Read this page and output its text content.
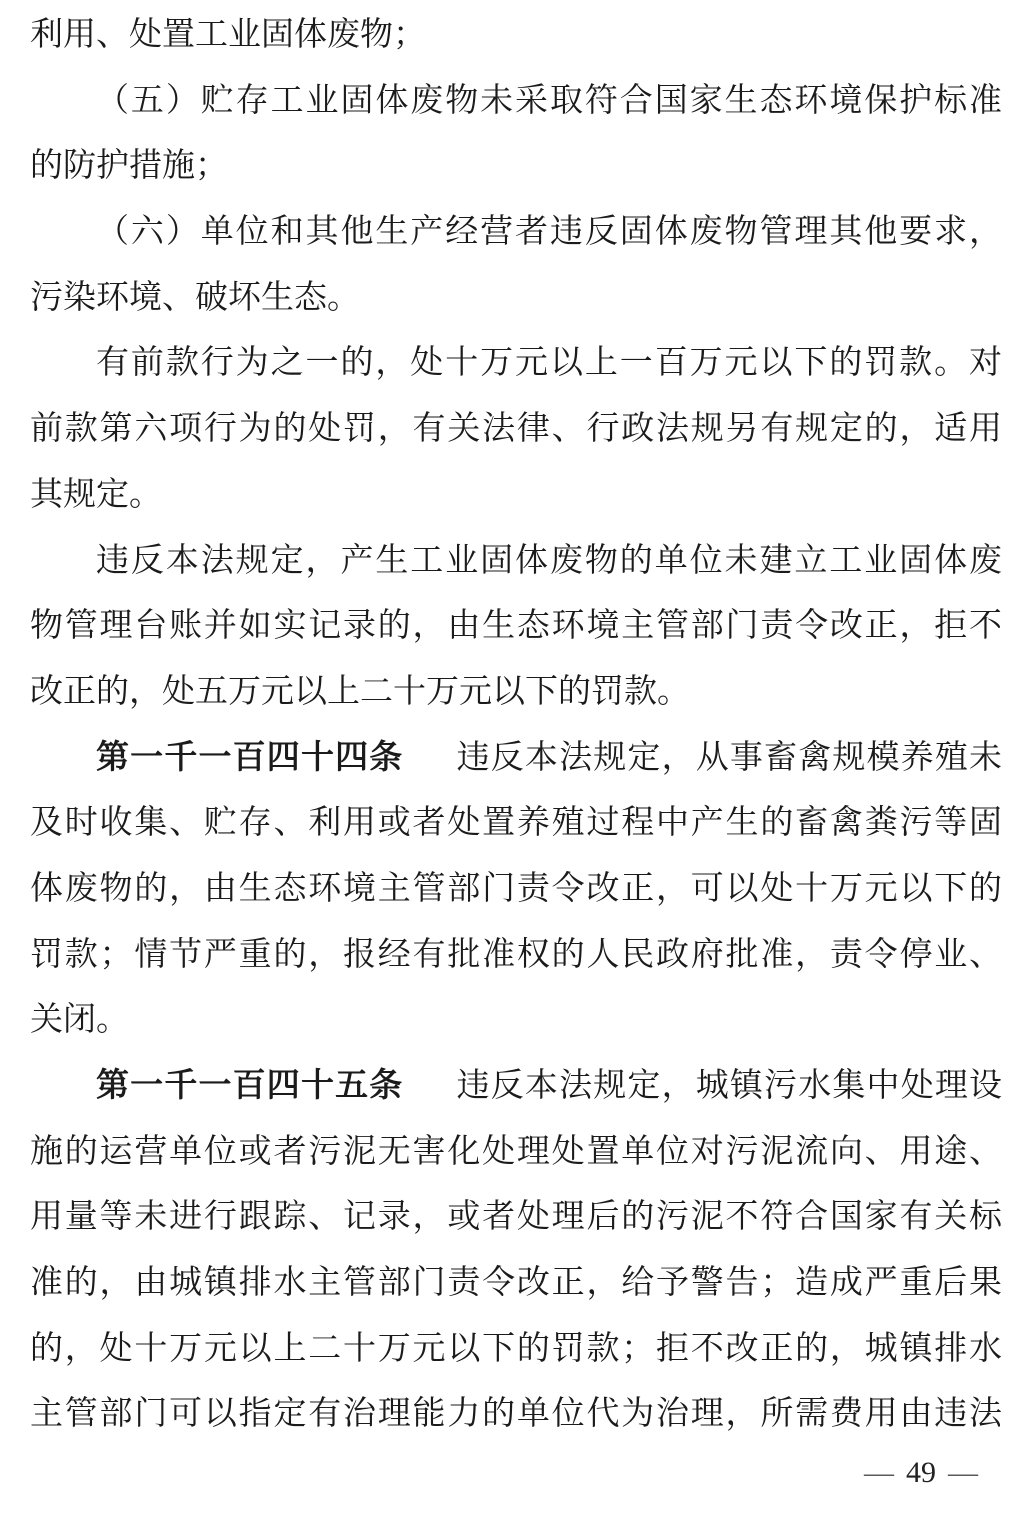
利用、处置工业固体废物；
（五）贮存工业固体废物未采取符合国家生态环境保护标准
的防护措施；
（六）单位和其他生产经营者违反固体废物管理其他要求，
污染环境、破坏生态。
有前款行为之一的，处十万元以上一百万元以下的罚款。对
前款第六项行为的处罚，有关法律、行政法规另有规定的，适用
其规定。
违反本法规定，产生工业固体废物的单位未建立工业固体废
物管理台账并如实记录的，由生态环境主管部门责令改正，拒不
改正的，处五万元以上二十万元以下的罚款。
第一千一百四十四条 违反本法规定，从事畜禽规模养殖未
及时收集、贮存、利用或者处置养殖过程中产生的畜禽粪污等固
体废物的，由生态环境主管部门责令改正，可以处十万元以下的
罚款；情节严重的，报经有批准权的人民政府批准，责令停业、
关闭。
第一千一百四十五条 违反本法规定，城镇污水集中处理设
施的运营单位或者污泥无害化处理处置单位对污泥流向、用途、
用量等未进行跟踪、记录，或者处理后的污泥不符合国家有关标
准的，由城镇排水主管部门责令改正，给予警告；造成严重后果
的，处十万元以上二十万元以下的罚款；拒不改正的，城镇排水
主管部门可以指定有治理能力的单位代为治理，所需费用由违法
— 49 —
